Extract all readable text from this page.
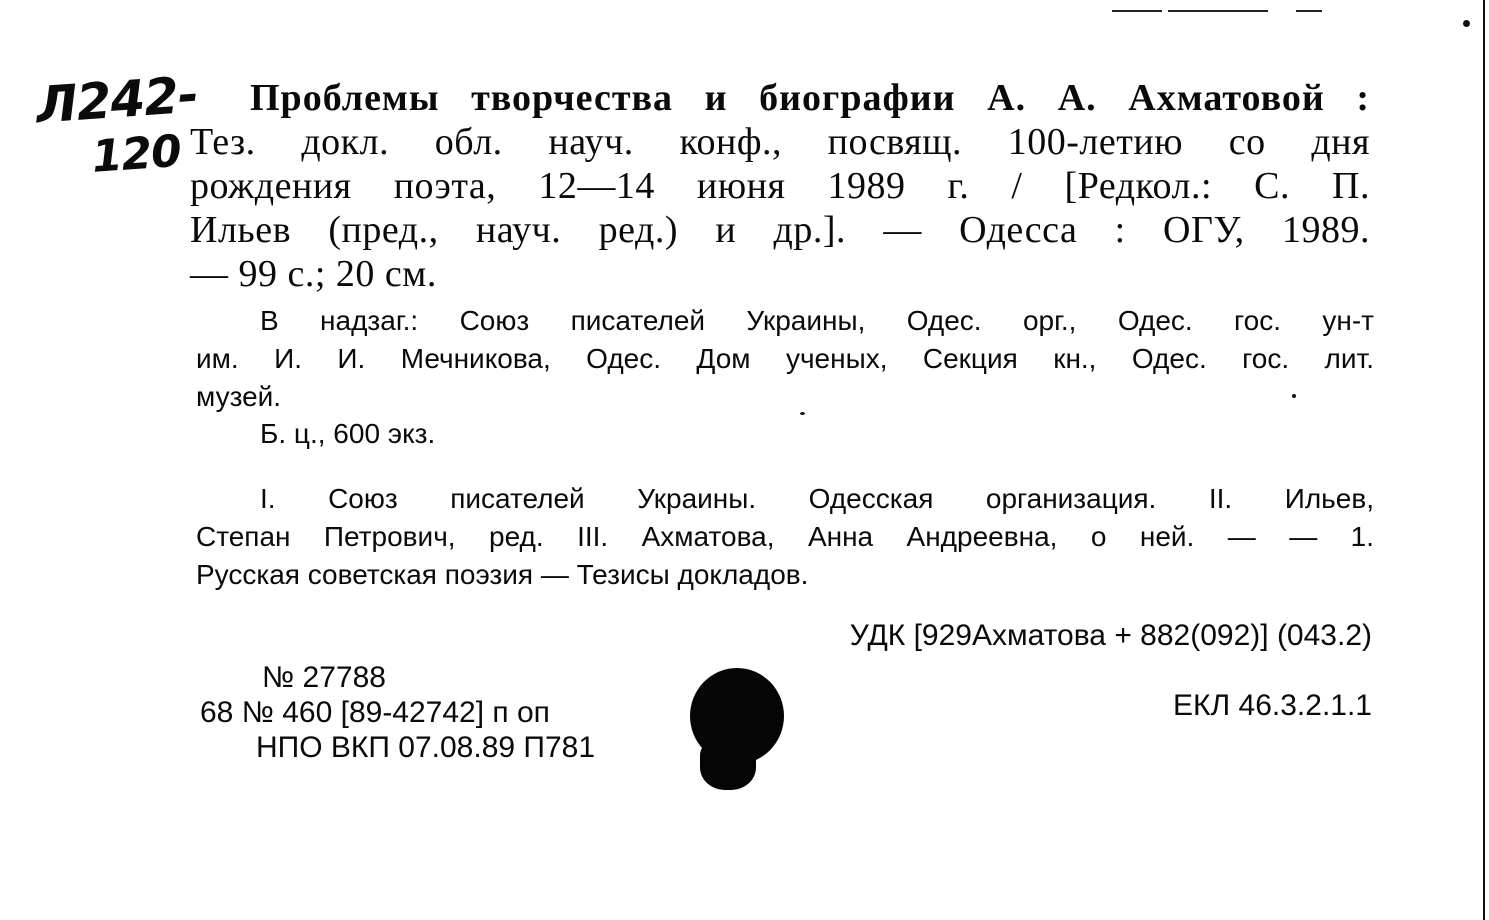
Л242-
120
Проблемы творчества и биографии А. А. Ахматовой :
Тез. докл. обл. науч. конф., посвящ. 100-летию со дня
рождения поэта, 12—14 июня 1989 г. / [Редкол.: С. П.
Ильев (пред., науч. ред.) и др.]. — Одесса : ОГУ, 1989.
— 99 с.; 20 см.
В надзаг.: Союз писателей Украины, Одес. орг., Одес. гос. ун-т
им. И. И. Мечникова, Одес. Дом ученых, Секция кн., Одес. гос. лит.
музей.
Б. ц., 600 экз.
I. Союз писателей Украины. Одесская организация. II. Ильев,
Степан Петрович, ред. III. Ахматова, Анна Андреевна, о ней. — — 1.
Русская советская поэзия — Тезисы докладов.
УДК [929Ахматова + 882(092)] (043.2)
ЕКЛ 46.3.2.1.1
№ 27788
68 № 460 [89-42742] п оп
НПО ВКП 07.08.89 П781
